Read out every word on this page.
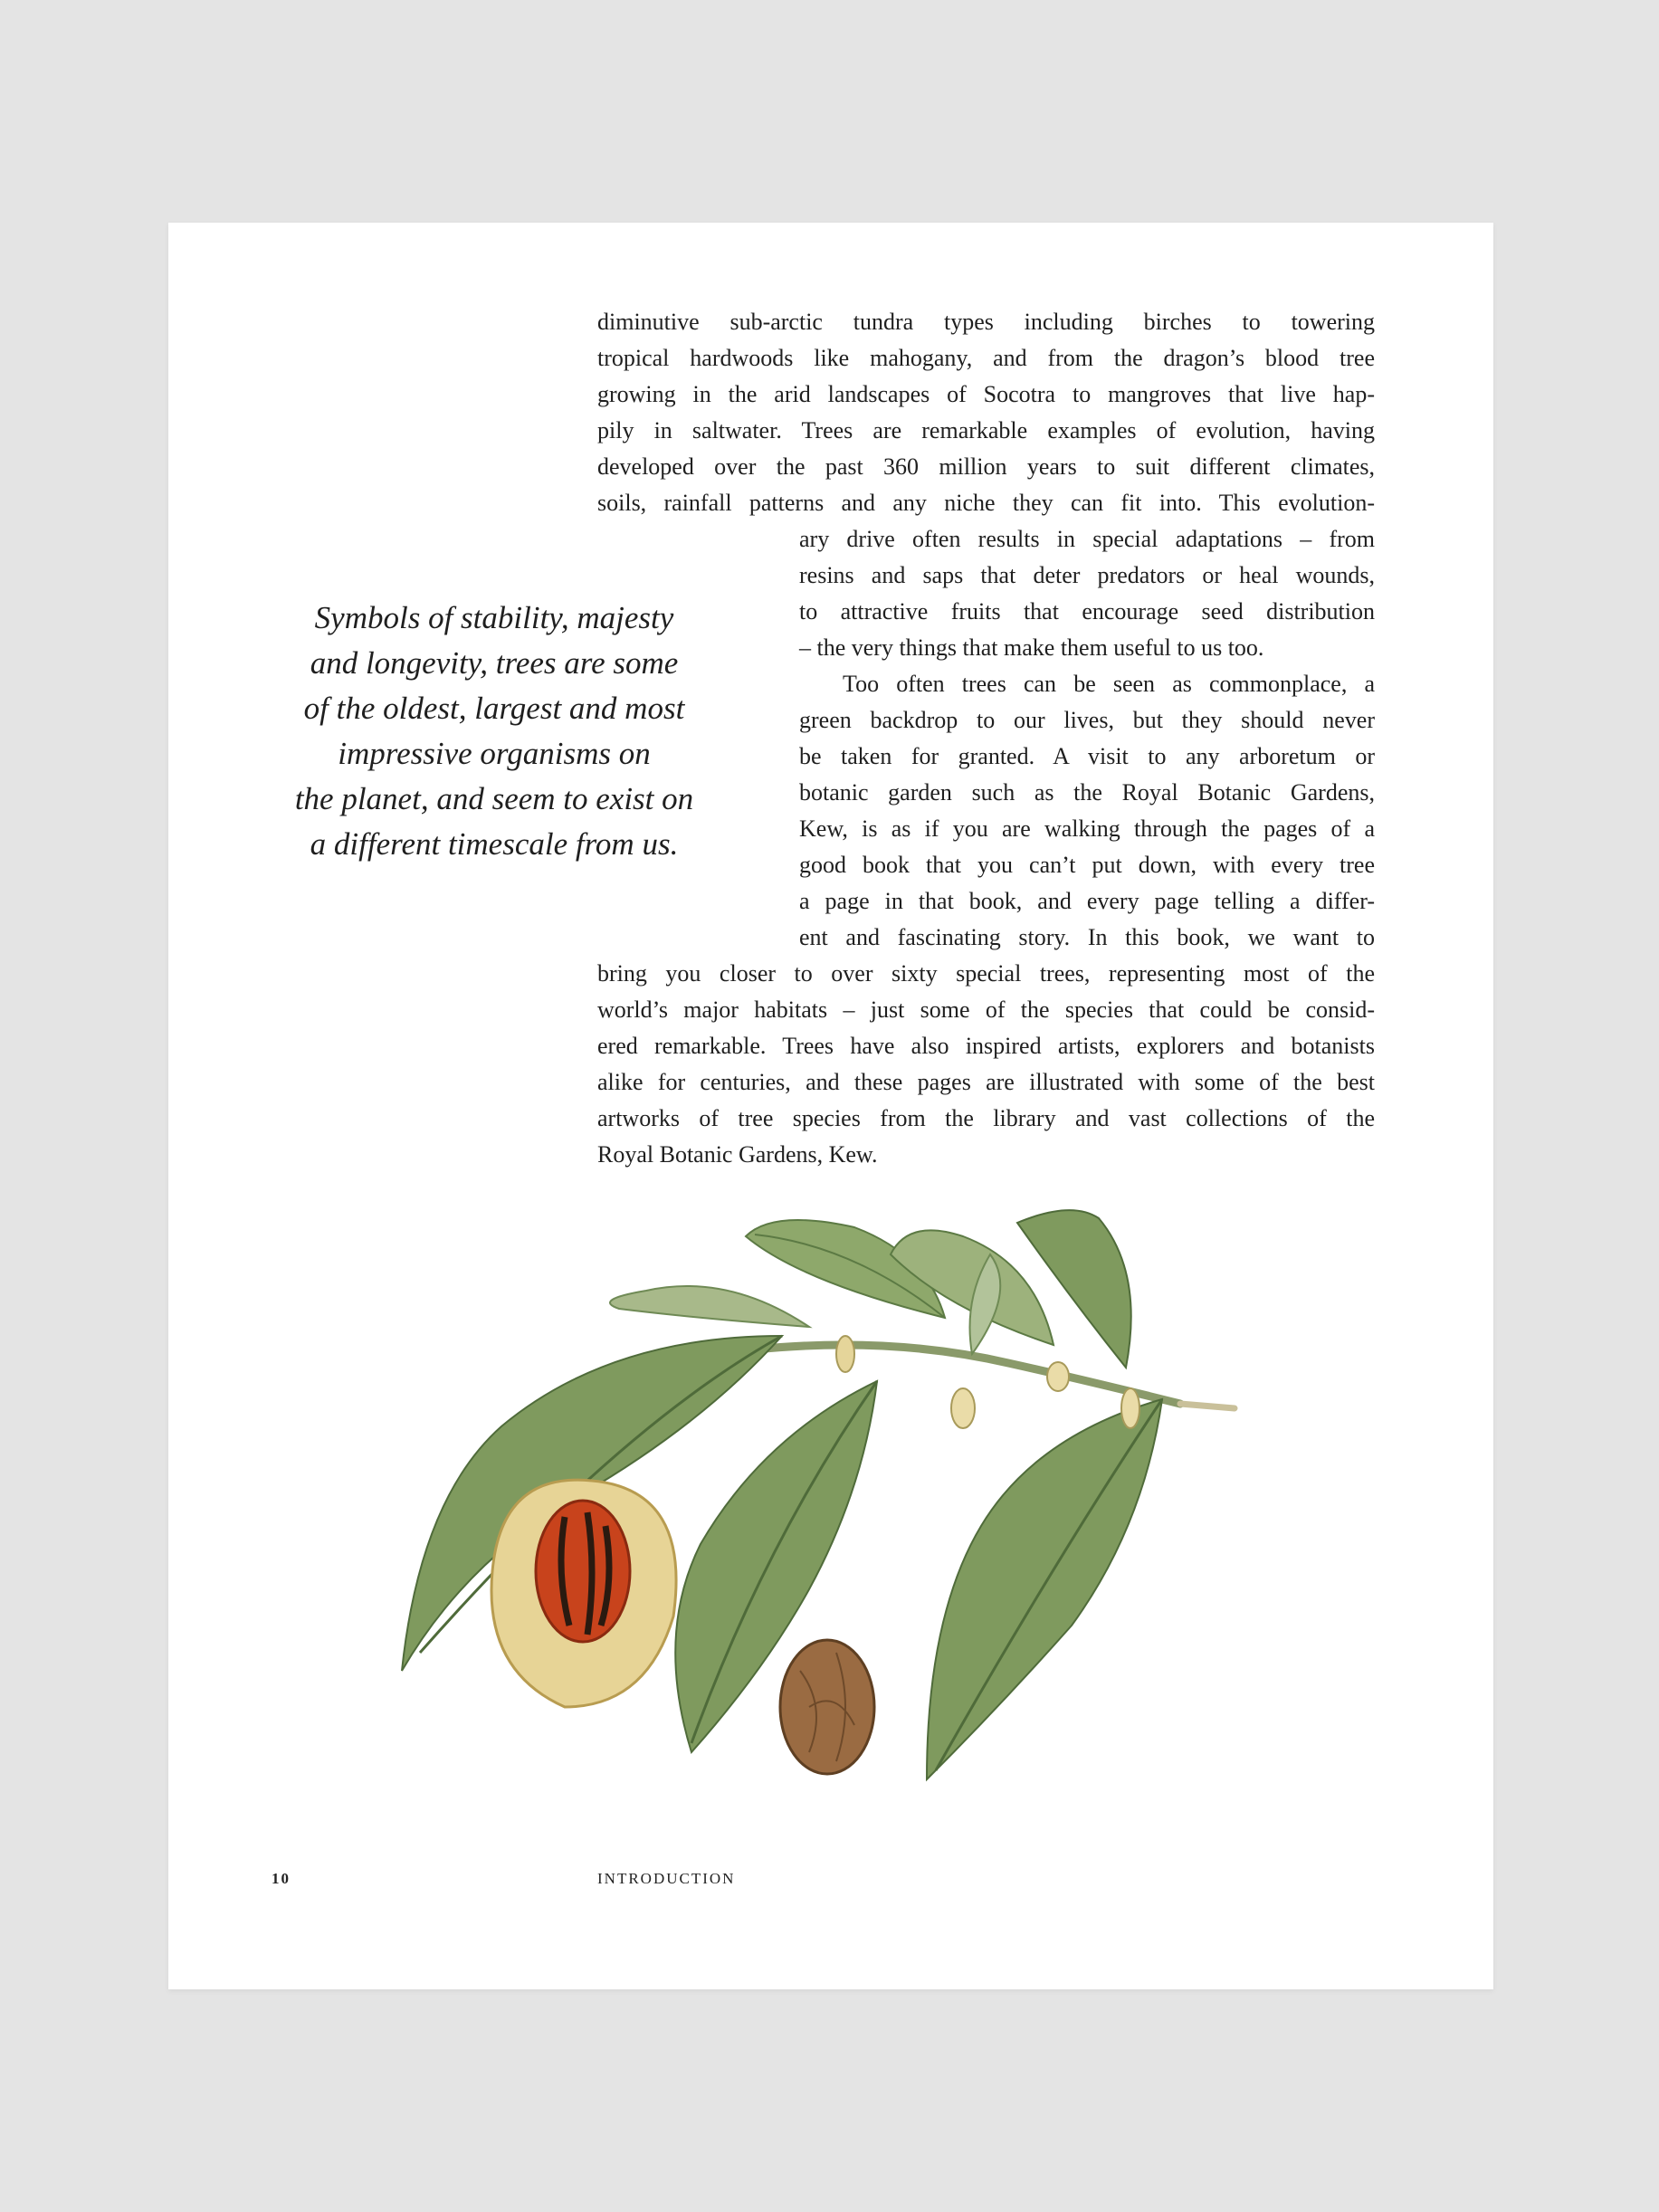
diminutive sub-arctic tundra types including birches to towering
tropical hardwoods like mahogany, and from the dragon’s blood tree
growing in the arid landscapes of Socotra to mangroves that live hap-
pily in saltwater. Trees are remarkable examples of evolution, having
developed over the past 360 million years to suit different climates,
soils, rainfall patterns and any niche they can fit into. This evolution-

ary drive often results in special adaptations – from
resins and saps that deter predators or heal wounds,
to attractive fruits that encourage seed distribution
– the very things that make them useful to us too.
Too often trees can be seen as commonplace, a
green backdrop to our lives, but they should never
be taken for granted. A visit to any arboretum or
botanic garden such as the Royal Botanic Gardens,
Kew, is as if you are walking through the pages of a
good book that you can’t put down, with every tree
a page in that book, and every page telling a differ-
ent and fascinating story. In this book, we want to

bring you closer to over sixty special trees, representing most of the
world’s major habitats – just some of the species that could be consid-
ered remarkable. Trees have also inspired artists, explorers and botanists
alike for centuries, and these pages are illustrated with some of the best
artworks of tree species from the library and vast collections of the
Royal Botanic Gardens, Kew.

Symbols of stability, majesty
and longevity, trees are some
of the oldest, largest and most
impressive organisms on
the planet, and seem to exist on
a different timescale from us.
10	INTRODUCTION
